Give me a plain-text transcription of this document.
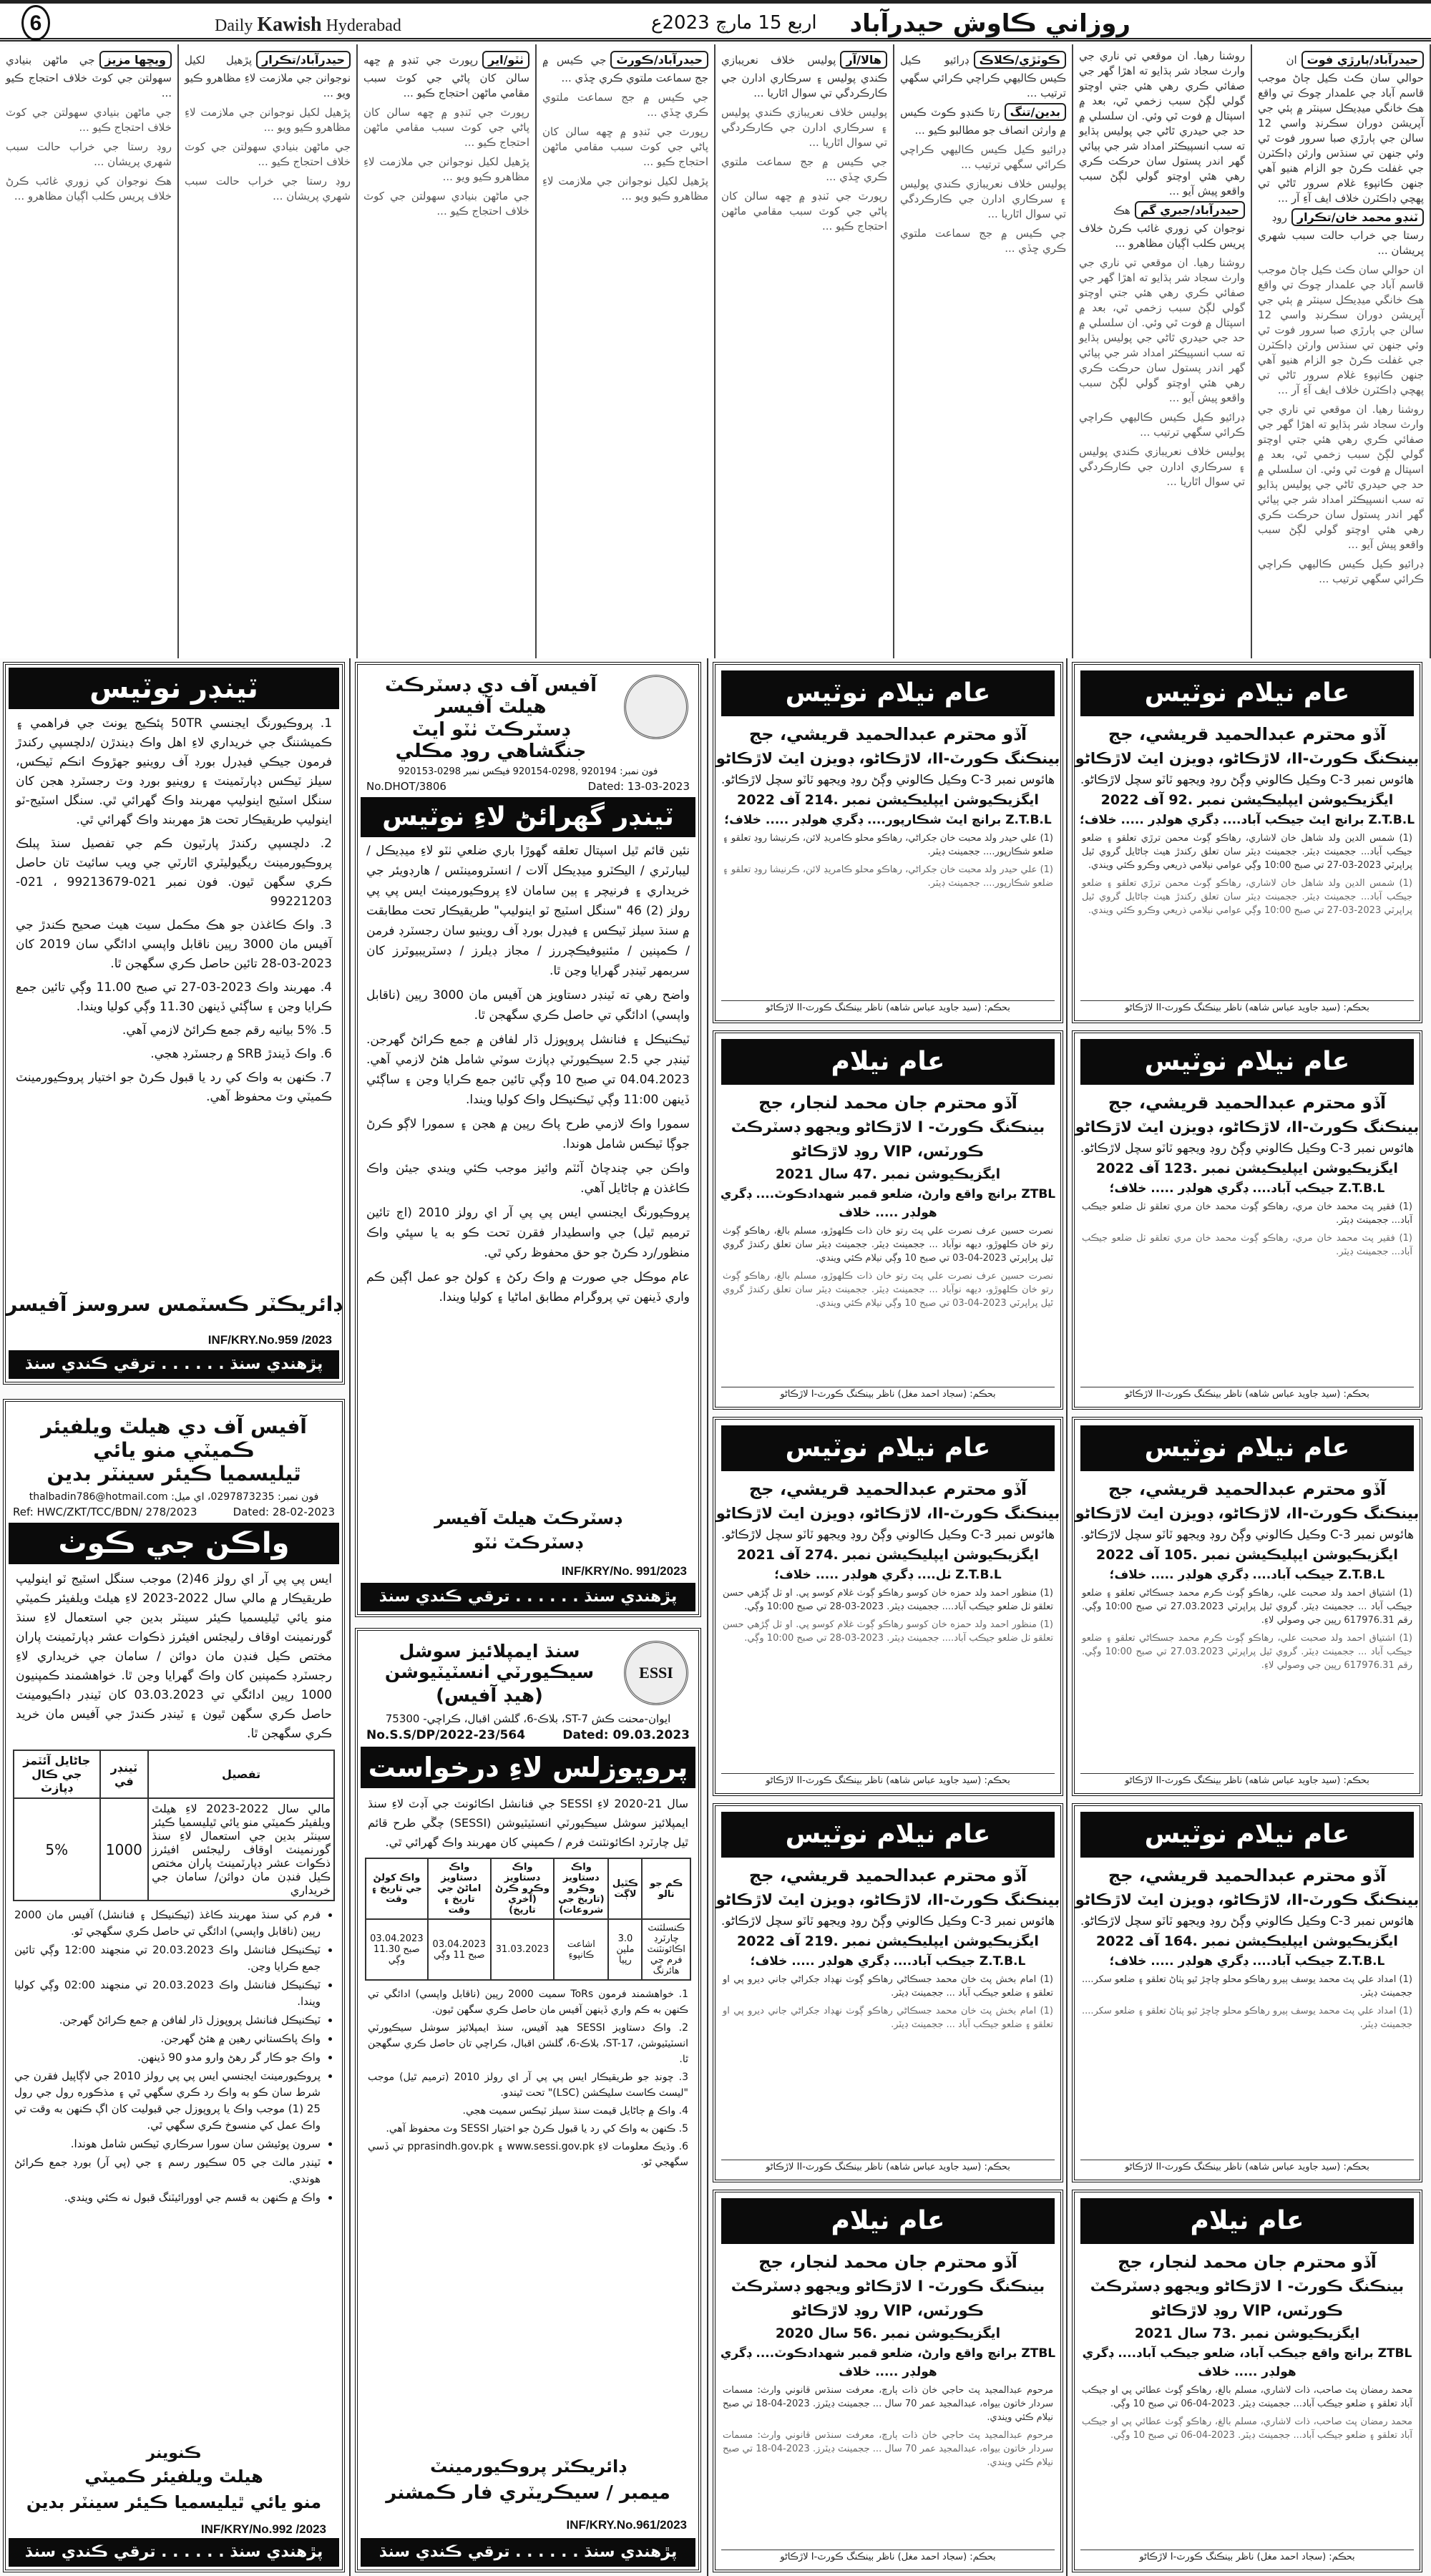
6	Daily Kawish Hyderabad	اربع 15 مارچ 2023ع روزاني ڪاوش حيدرآباد

حيدرآباد/ٻارڙي فوتان حوالي سان ڪٺ ڪيل ڄاڻ موجب قاسم آباد جي علمدار چوڪ تي واقع هڪ خانگي ميڊيڪل سينٽر ۾ ٻئي جي آپريشن دوران سڪرنڊ واسي 12 سالن جي ٻارڙي صبا سرور فوت ٿي وئي جنهن تي سنڌس وارثن ڊاڪٽرن جي غفلت ڪرڻ جو الزام هنيو آهي جنهن ڪانپوءِ غلام سرور ٿاڻي تي پهچي ڊاڪٽرن خلاف ايف آءِ آر ...

ٽنڊو محمد خان/تڪرارروڊ رستا جي خراب حالت سبب شهري پريشان ...

ان حوالي سان ڪٺ ڪيل ڄاڻ موجب قاسم آباد جي علمدار چوڪ تي واقع هڪ خانگي ميڊيڪل سينٽر ۾ ٻئي جي آپريشن دوران سڪرنڊ واسي 12 سالن جي ٻارڙي صبا سرور فوت ٿي وئي جنهن تي سنڌس وارثن ڊاڪٽرن جي غفلت ڪرڻ جو الزام هنيو آهي جنهن ڪانپوءِ غلام سرور ٿاڻي تي پهچي ڊاڪٽرن خلاف ايف آءِ آر ...

روشنا رهيا. ان موقعي تي ناري جي وارث سجاد شر ٻڌايو ته اهڙا گهر جي صفائي ڪري رهي هئي جتي اوچتو گولي لڳڻ سبب زخمي ٿي، بعد ۾ اسپتال ۾ فوت ٿي وئي. ان سلسلي ۾ حد جي حيدري ٿاڻي جي پوليس ٻڌايو ته سب انسپيڪٽر امداد شر جي ٻيائي گهر اندر پستول سان حرڪت ڪري رهي هئي اوچتو گولي لڳڻ سبب واقعو پيش آيو ...

ڊرائيو ڪيل ڪيس ڪاليهي ڪراچي ڪرائي سگهي ترتيب ...

روشنا رهيا. ان موقعي تي ناري جي وارث سجاد شر ٻڌايو ته اهڙا گهر جي صفائي ڪري رهي هئي جتي اوچتو گولي لڳڻ سبب زخمي ٿي، بعد ۾ اسپتال ۾ فوت ٿي وئي. ان سلسلي ۾ حد جي حيدري ٿاڻي جي پوليس ٻڌايو ته سب انسپيڪٽر امداد شر جي ٻيائي گهر اندر پستول سان حرڪت ڪري رهي هئي اوچتو گولي لڳڻ سبب واقعو پيش آيو ...

حيدرآباد/جبري گمهڪ نوجوان کي زوري غائب ڪرڻ خلاف پريس ڪلب اڳيان مظاهرو ...

روشنا رهيا. ان موقعي تي ناري جي وارث سجاد شر ٻڌايو ته اهڙا گهر جي صفائي ڪري رهي هئي جتي اوچتو گولي لڳڻ سبب زخمي ٿي، بعد ۾ اسپتال ۾ فوت ٿي وئي. ان سلسلي ۾ حد جي حيدري ٿاڻي جي پوليس ٻڌايو ته سب انسپيڪٽر امداد شر جي ٻيائي گهر اندر پستول سان حرڪت ڪري رهي هئي اوچتو گولي لڳڻ سبب واقعو پيش آيو ...

ڊرائيو ڪيل ڪيس ڪاليهي ڪراچي ڪرائي سگهي ترتيب ...

پوليس خلاف نعريبازي ڪندي پوليس ۽ سرڪاري ادارن جي ڪارڪردگي تي سوال اٿاريا ...

ڪوٽڙي/ڪلاڪڊرائيو ڪيل ڪيس ڪاليهي ڪراچي ڪرائي سگهي ترتيب ...

بدين/تنگرتا ڪنڊو ڪوٽ ڪيس ۾ وارثن انصاف جو مطالبو ڪيو ...

ڊرائيو ڪيل ڪيس ڪاليهي ڪراچي ڪرائي سگهي ترتيب ...

پوليس خلاف نعريبازي ڪندي پوليس ۽ سرڪاري ادارن جي ڪارڪردگي تي سوال اٿاريا ...

جي ڪيس ۾ جج سماعت ملتوي ڪري ڇڏي ...

هالا/آرپوليس خلاف نعريبازي ڪندي پوليس ۽ سرڪاري ادارن جي ڪارڪردگي تي سوال اٿاريا ...

پوليس خلاف نعريبازي ڪندي پوليس ۽ سرڪاري ادارن جي ڪارڪردگي تي سوال اٿاريا ...

جي ڪيس ۾ جج سماعت ملتوي ڪري ڇڏي ...

رپورٽ جي ٽنڊو ۾ ڇهه سالن کان پاڻي جي کوٽ سبب مقامي ماڻهن احتجاج ڪيو ...

حيدرآباد/ڪورٽجي ڪيس ۾ جج سماعت ملتوي ڪري ڇڏي ...

جي ڪيس ۾ جج سماعت ملتوي ڪري ڇڏي ...

رپورٽ جي ٽنڊو ۾ ڇهه سالن کان پاڻي جي کوٽ سبب مقامي ماڻهن احتجاج ڪيو ...

پڙهيل لکيل نوجوانن جي ملازمت لاءِ مظاهرو ڪيو ويو ...

ٺٽو/ايررپورٽ جي ٽنڊو ۾ ڇهه سالن کان پاڻي جي کوٽ سبب مقامي ماڻهن احتجاج ڪيو ...

رپورٽ جي ٽنڊو ۾ ڇهه سالن کان پاڻي جي کوٽ سبب مقامي ماڻهن احتجاج ڪيو ...

پڙهيل لکيل نوجوانن جي ملازمت لاءِ مظاهرو ڪيو ويو ...

جي ماڻهن بنيادي سهولتن جي کوٽ خلاف احتجاج ڪيو ...

حيدرآباد/تڪرارپڙهيل لکيل نوجوانن جي ملازمت لاءِ مظاهرو ڪيو ويو ...

پڙهيل لکيل نوجوانن جي ملازمت لاءِ مظاهرو ڪيو ويو ...

جي ماڻهن بنيادي سهولتن جي کوٽ خلاف احتجاج ڪيو ...

روڊ رستا جي خراب حالت سبب شهري پريشان ...

ويڇها مزيزجي ماڻهن بنيادي سهولتن جي کوٽ خلاف احتجاج ڪيو ...

جي ماڻهن بنيادي سهولتن جي کوٽ خلاف احتجاج ڪيو ...

روڊ رستا جي خراب حالت سبب شهري پريشان ...

هڪ نوجوان کي زوري غائب ڪرڻ خلاف پريس ڪلب اڳيان مظاهرو ...

ٽينڊر نوٽيس

1. پروڪيورنگ ايجنسي 50TR پئڪيج يونٽ جي فراهمي ۽ ڪميشننگ جي خريداري لاءِ اهل واڪ ڊيندڙن /دلچسپي رکندڙ فرمون جيڪي فيڊرل بورڊ آف روينيو جهڙوڪ انڪم ٽيڪس، سيلز ٽيڪس ڊپارٽمينٽ ۽ روينيو بورڊ وٽ رجسٽرڊ هجن کان سنگل اسٽيج اينوليپ مهربند واڪ گهرائي ٿي. سنگل اسٽيج-ٽو اينوليپ طريقيڪار تحت هڙ مهربند واڪ گهرائي ٿي.

2. دلچسپي رکندڙ پارٽيون ڪم جي تفصيل سنڌ پبلڪ پروڪيورمينٽ ريگيوليٽري اٿارٽي جي ويب سائيٽ تان حاصل ڪري سگهن ٿيون. فون نمبر 021-99213679 ، 021-99221203

3. واڪ ڪاغذن جو هڪ مڪمل سيٽ هيٺ صحيح ڪندڙ جي آفيس مان 3000 رپين ناقابل واپسي ادائگي سان 2019 کان 2023-03-28 تائين حاصل ڪري سگهجن ٿا.

4. مهربند واڪ 2023-03-27 تي صبح 11.00 وڳي تائين جمع ڪرايا وڃن ۽ ساڳئي ڏينهن 11.30 وڳي کوليا ويندا.

5. 5% بيانيه رقم جمع ڪرائڻ لازمي آهي.

6. واڪ ڏيندڙ SRB ۾ رجسٽرڊ هجي.

7. ڪنهن به واڪ کي رد يا قبول ڪرڻ جو اختيار پروڪيورمينٽ ڪميٽي وٽ محفوظ آهي.

ڊائريڪٽر ڪسٽمس سروسز آفيسر
INF/KRY.No.959 /2023
پڙهندي سنڌ . . . . . . ترقي ڪندي سنڌ
آفيس آف دي هيلٿ ويلفيئر ڪميٽي منو يائي
ٿيليسميا ڪيئر سينٽر بدين
فون نمبر: 0297873235، اي ميل: thalbadin786@hotmail.com
Ref: HWC/ZKT/TCC/BDN/ 278/2023	Dated: 28-02-2023
واڪن جي ڪوٺ
ايس پي پي آر اي رولز 46(2) موجب سنگل اسٽيج ٽو اينوليپ طريقيڪار ۾ مالي سال 2022-2023 لاءِ هيلٿ ويلفيئر ڪميٽي منو يائي ٿيليسميا ڪيئر سينٽر بدين جي استعمال لاءِ سنڌ گورنمينٽ اوقاف رليجئس افيئرز ذڪوات عشر ڊپارٽمينٽ پاران مختص ڪيل فنڊن مان دوائن / سامان جي خريداري لاءِ رجسٽرڊ ڪمپنين کان واڪ گهرايا وڃن ٿا. خواهشمند ڪمپنيون 1000 رپين ادائگي تي 03.03.2023 کان ٽينڊر ڊاڪيومينٽ حاصل ڪري سگهن ٿيون ۽ ٽينڊر ڪندڙ جي آفيس مان خريد ڪري سگهجن ٿا.
تفصيل	ٽينڊر في	جاڻايل آئٽمز جي ڪال ڊپازٽ
مالي سال 2022-2023 لاءِ هيلٿ ويلفيئر ڪميٽي منو يائي ٿيليسميا ڪيئر سينٽر بدين جي استعمال لاءِ سنڌ گورنمينٽ اوقاف رليجئس افيئرز ذڪوات عشر ڊپارٽمينٽ پاران مختص ڪيل فنڊن مان دوائن/ سامان جي خريداري	1000	5%
• فرم کي سنڌ مهربند ڪاغذ (ٽيڪنيڪل ۽ فنانشل) آفيس مان 2000 رپين (ناقابل واپسي) ادائگي تي حاصل ڪري سگهجي ٿو.
• ٽيڪنيڪل فنانشل واڪ 20.03.2023 تي منجهند 12:00 وڳي تائين جمع ڪرايا وڃن.
• ٽيڪنيڪل فنانشل واڪ 20.03.2023 تي منجهند 02:00 وڳي کوليا ويندا.
• ٽيڪنيڪل فنانشل پروپوزل ڌار لفافن ۾ جمع ڪرائڻ گهرجن.
• واڪ پاڪستاني رهين ۾ هئڻ گهرجن.
• واڪ جو ڪار گر رهڻ وارو مدو 90 ڏينهن.
• پروڪيورمينٽ ايجنسي ايس پي پي رولز 2010 جي لاڳاپيل فقرن جي شرط سان ڪو به واڪ رد ڪري سگهي ٿي ۽ مذڪوره رول جي رول 25 (1) موجب واڪ يا پروپوزل جي قبوليت کان اڳ ڪنهن به وقت تي واڪ عمل کي منسوخ ڪري سگهي ٿي.
• سرون پوئيشن سان سورا سرڪاري ٽيڪس شامل هوندا.
• ٽينڊر مالٽ جي 05 سڪيور رسم ۽ جي (پي آر) بورڊ جمع ڪرائڻ هوندي.
• واڪ ۾ ڪنهن به قسم جي اوورائيٽنگ قبول نه ڪئي ويندي.
ڪنوينر
هيلٿ ويلفيئر ڪميٽي
منو يائي ٿيليسميا ڪيئر سينٽر بدين
INF/KRY/No.992 /2023
پڙهندي سنڌ . . . . . . ترقي ڪندي سنڌ
آفيس آف دي ڊسٽرڪٽ هيلٿ آفيسر
ڊسٽرڪٽ ٺٽو ايٽ جنگشاهي روڊ مڪلي
فون نمبر: 920194 ,0298-920154 فيڪس نمبر 0298-920153
No.DHOT/3806	Dated: 13-03-2023
ٽينڊر گهرائڻ لاءِ نوٽيس

نئين قائم ٿيل اسپتال تعلقه گهوڙا باري ضلعي ٺٽو لاءِ ميڊيڪل / ليبارٽري / اليڪٽرو ميڊيڪل آلات / انسٽرومينٽس / هارڊويئر جي خريداري ۽ فرنيچر ۽ ٻين سامان لاءِ پروڪيورمينٽ ايس پي پي رولز (2) 46 "سنگل اسٽيج ٽو اينوليپ" طريقيڪار تحت مطابقت ۾ سنڌ سيلز ٽيڪس ۽ فيڊرل بورڊ آف روينيو سان رجسٽرڊ فرمن / ڪمپنين / مئنيوفيڪچررز / مجاز ڊيلرز / ڊسٽريبيوٽرز کان سربمهر ٽينڊر گهرايا وڃن ٿا.

واضح رهي ته ٽينڊر دستاويز هن آفيس مان 3000 رپين (ناقابل واپسي) ادائگي تي حاصل ڪري سگهجن ٿا.

ٽيڪنيڪل ۽ فنانشل پروپوزل ڌار لفافن ۾ جمع ڪرائڻ گهرجن. ٽينڊر جي 2.5 سيڪيورٽي ڊپازٽ سوٽي شامل هئڻ لازمي آهي. 04.04.2023 تي صبح 10 وڳي تائين جمع ڪرايا وڃن ۽ ساڳئي ڏينهن 11:00 وڳي ٽيڪنيڪل واڪ کوليا ويندا.

سمورا واڪ لازمي طرح پاڪ رپين ۾ هجن ۽ سمورا لاڳو ڪرڻ جوڳا ٽيڪس شامل هوندا.

واڪن جي چندچاڻ آئٽم وائيز موجب ڪئي ويندي جيئن واڪ ڪاغذن ۾ ڄاڻايل آهي.

پروڪيورنگ ايجنسي ايس پي پي آر اي رولز 2010 (اڄ تائين ترميم ٿيل) جي واسطيدار فقرن تحت ڪو به يا سڀئي واڪ منظور/رد ڪرڻ جو حق محفوظ رکي ٿي.

عام موڪل جي صورت ۾ واڪ رکڻ ۽ کولڻ جو عمل اڳين ڪم واري ڏينهن تي پروگرام مطابق اماڻيا ۽ کوليا ويندا.

ڊسٽرڪٽ هيلٿ آفيسر
ڊسٽرڪٽ ٺٽو
INF/KRY/No. 991/2023
پڙهندي سنڌ . . . . . . ترقي ڪندي سنڌ
ESSI
سنڌ ايمپلائيز سوشل سيڪيورٽي انسٽيٽيوشن
(هيڊ آفيس)
ايوان-محنت ڪش ST-7، بلاڪ-6، گلشن اقبال، ڪراچي- 75300
No.S.S/DP/2022-23/564	Dated: 09.03.2023
پروپوزلس لاءِ درخواست
سال 21-2020 لاءِ SESSI جي فنانشل اڪائونٽ جي آڊٽ لاءِ سنڌ ايمپلائيز سوشل سيڪيورٽي انسٽيٽيوشن (SESSI) چڱي طرح قائم ٿيل چارٽرڊ اڪائونٽنٽ فرم / ڪمپني کان مهربند واڪ گهرائي ٿي.
ڪم جو نالو	ڪٿيل لاڳت	واڪ دستاويز وڪرو (تاريخ جي شروعات)	واڪ دستاويز وڪرو ڪرڻ (آخري تاريخ)	واڪ دستاويز اماڻڻ جي تاريخ ۽ وقت	واڪ کولڻ جي تاريخ ۽ وقت
ڪنسلٽنٽ چارٽرڊ اڪائونٽنٽ فرم جي هائرنگ	3.0 ملين رپيا	اشاعت ڪانپوءِ	31.03.2023	03.04.2023 صبح 11 وڳي	03.04.2023 صبح 11.30 وڳي

1. خواهشمند فرمون ToRs سميت 2000 رپين (ناقابل واپسي) ادائگي تي ڪنهن به ڪم واري ڏينهن آفيس مان حاصل ڪري سگهن ٿيون.

2. واڪ دستاويز SESSI هيڊ آفيس، سنڌ ايمپلائيز سوشل سيڪيورٽي انسٽيٽيوشن، ST-17، بلاڪ-6، گلشن اقبال، ڪراچي تان حاصل ڪري سگهجن ٿا.

3. چونڊ جو طريقيڪار ايس پي پي آر اي رولز 2010 (ترميم ٿيل) موجب "ليسٽ ڪاسٽ سليڪشن (LSC)" تحت ٿيندو.

4. واڪ ۾ ڄاڻايل قيمت سنڌ سيلز ٽيڪس سميت هجي.

5. ڪنهن به واڪ کي رد يا قبول ڪرڻ جو اختيار SESSI وٽ محفوظ آهي.

6. وڌيڪ معلومات لاءِ www.sessi.gov.pk ۽ pprasindh.gov.pk تي ڏسي سگهجي ٿو.

ڊائريڪٽر پروڪيورمينٽ
ميمبر / سيڪريٽري فار ڪمشنر
INF/KRY.No.961/2023
پڙهندي سنڌ . . . . . . ترقي ڪندي سنڌ
عام نيلام نوٽيس
آڏو محترم عبدالحميد قريشي، جج
بينڪنگ ڪورٽ-II، لاڙڪاڻو، ڊويزن ايٽ لاڙڪاڻو
هائوس نمبر C-3 وڪيل ڪالوني وڳڻ روڊ ويجهو ٽاٽو سچل لاڙڪاڻو.
ايگزيڪيوشن ايپليڪيشن نمبر .92 آف 2022
Z.T.B.L برانچ ايٽ جيڪب آباد.... ڊگري هولڊر ..... خلاف؛
(1) شمس الدين ولد شاهل خان لاشاري، رهاڪو ڳوٺ محمن ترڙي تعلقو ۽ ضلعو جيڪب آباد... ججمينٽ ڊيٽر. ججمينٽ ڊيٽر سان تعلق رکندڙ هيٺ ڄاڻايل گروي ٿيل پراپرٽي 2023-03-27 تي صبح 10:00 وڳي عوامي نيلامي ذريعي وڪرو ڪئي ويندي.
(1) شمس الدين ولد شاهل خان لاشاري، رهاڪو ڳوٺ محمن ترڙي تعلقو ۽ ضلعو جيڪب آباد... ججمينٽ ڊيٽر. ججمينٽ ڊيٽر سان تعلق رکندڙ هيٺ ڄاڻايل گروي ٿيل پراپرٽي 2023-03-27 تي صبح 10:00 وڳي عوامي نيلامي ذريعي وڪرو ڪئي ويندي.
بحڪم: (سيد جاويد عباس شاهه) ناظر بينڪنگ ڪورٽ-II لاڙڪاڻو
عام نيلام نوٽيس
آڏو محترم عبدالحميد قريشي، جج
بينڪنگ ڪورٽ-II، لاڙڪاڻو، ڊويزن ايٽ لاڙڪاڻو
هائوس نمبر C-3 وڪيل ڪالوني وڳڻ روڊ ويجهو ٽاٽو سچل لاڙڪاڻو.
ايگزيڪيوشن ايپليڪيشن نمبر .214 آف 2022
Z.T.B.L برانچ ايٽ شڪارپور.... ڊگري هولڊر ..... خلاف؛
(1) علي حيدر ولد محبت خان جکراڻي، رهاڪو محلو ڪامريڊ لائن، ڪرنيشا روڊ تعلقو ۽ ضلعو شڪارپور.... ججمينٽ ڊيٽر.
(1) علي حيدر ولد محبت خان جکراڻي، رهاڪو محلو ڪامريڊ لائن، ڪرنيشا روڊ تعلقو ۽ ضلعو شڪارپور.... ججمينٽ ڊيٽر.
بحڪم: (سيد جاويد عباس شاهه) ناظر بينڪنگ ڪورٽ-II لاڙڪاڻو
عام نيلام نوٽيس
آڏو محترم عبدالحميد قريشي، جج
بينڪنگ ڪورٽ-II، لاڙڪاڻو، ڊويزن ايٽ لاڙڪاڻو
هائوس نمبر C-3 وڪيل ڪالوني وڳڻ روڊ ويجهو ٽاٽو سچل لاڙڪاڻو.
ايگزيڪيوشن ايپليڪيشن نمبر .123 آف 2022
Z.T.B.L جيڪب آباد.... ڊگري هولڊر ..... خلاف؛
(1) فقير پٽ محمد خان مري، رهاڪو ڳوٺ محمد خان مري تعلقو ٺل ضلعو جيڪب آباد... ججمينٽ ڊيٽر.
(1) فقير پٽ محمد خان مري، رهاڪو ڳوٺ محمد خان مري تعلقو ٺل ضلعو جيڪب آباد... ججمينٽ ڊيٽر.
بحڪم: (سيد جاويد عباس شاهه) ناظر بينڪنگ ڪورٽ-II لاڙڪاڻو
عام نيلام
آڏو محترم جان محمد لنجار، جج
بينڪنگ ڪورٽ- I لاڙڪاڻو ويجهو ڊسٽرڪٽ ڪورٽس، VIP روڊ لاڙڪاڻو
ايگزيڪيوشن نمبر .47 سال 2021
ZTBL برانچ واقع وارڻ، ضلعو قمبر شهدادڪوٽ.... ڊگري هولڊر ..... خلاف
نصرت حسين عرف نصرت علي پٽ رتو خان ذات ڪلهوڙو، مسلم بالغ، رهاڪو ڳوٺ رتو خان ڪلهوڙو، ديهه نوآباد ... ججمينٽ ڊيٽر. ججمينٽ ڊيٽر سان تعلق رکندڙ گروي ٿيل پراپرٽي 2023-04-03 تي صبح 10 وڳي نيلام ڪئي ويندي.
نصرت حسين عرف نصرت علي پٽ رتو خان ذات ڪلهوڙو، مسلم بالغ، رهاڪو ڳوٺ رتو خان ڪلهوڙو، ديهه نوآباد ... ججمينٽ ڊيٽر. ججمينٽ ڊيٽر سان تعلق رکندڙ گروي ٿيل پراپرٽي 2023-04-03 تي صبح 10 وڳي نيلام ڪئي ويندي.
بحڪم: (سجاد احمد مغل) ناظر بينڪنگ ڪورٽ-I لاڙڪاڻو
عام نيلام نوٽيس
آڏو محترم عبدالحميد قريشي، جج
بينڪنگ ڪورٽ-II، لاڙڪاڻو، ڊويزن ايٽ لاڙڪاڻو
هائوس نمبر C-3 وڪيل ڪالوني وڳڻ روڊ ويجهو ٽاٽو سچل لاڙڪاڻو.
ايگزيڪيوشن ايپليڪيشن نمبر .105 آف 2022
Z.T.B.L جيڪب آباد.... ڊگري هولڊر ..... خلاف؛
(1) اشتياق احمد ولد صحبت علي، رهاڪو ڳوٺ ڪرم محمد جسڪاڻي تعلقو ۽ ضلعو جيڪب آباد ... ججمينٽ ڊيٽر. گروي ٿيل پراپرٽي 27.03.2023 تي صبح 10:00 وڳي. رقم 617976.31 رپين جي وصولي لاءِ.
(1) اشتياق احمد ولد صحبت علي، رهاڪو ڳوٺ ڪرم محمد جسڪاڻي تعلقو ۽ ضلعو جيڪب آباد ... ججمينٽ ڊيٽر. گروي ٿيل پراپرٽي 27.03.2023 تي صبح 10:00 وڳي. رقم 617976.31 رپين جي وصولي لاءِ.
بحڪم: (سيد جاويد عباس شاهه) ناظر بينڪنگ ڪورٽ-II لاڙڪاڻو
عام نيلام نوٽيس
آڏو محترم عبدالحميد قريشي، جج
بينڪنگ ڪورٽ-II، لاڙڪاڻو، ڊويزن ايٽ لاڙڪاڻو
هائوس نمبر C-3 وڪيل ڪالوني وڳڻ روڊ ويجهو ٽاٽو سچل لاڙڪاڻو.
ايگزيڪيوشن ايپليڪيشن نمبر .274 آف 2021
Z.T.B.L ٺل.... ڊگري هولڊر ..... خلاف؛
(1) منظور احمد ولد حمزه خان کوسو رهاڪو ڳوٺ غلام کوسو پي. او ٺل ڳڙهي حسن تعلقو ٺل ضلعو جيڪب آباد.... ججمينٽ ڊيٽر. 2023-03-28 تي صبح 10:00 وڳي.
(1) منظور احمد ولد حمزه خان کوسو رهاڪو ڳوٺ غلام کوسو پي. او ٺل ڳڙهي حسن تعلقو ٺل ضلعو جيڪب آباد.... ججمينٽ ڊيٽر. 2023-03-28 تي صبح 10:00 وڳي.
بحڪم: (سيد جاويد عباس شاهه) ناظر بينڪنگ ڪورٽ-II لاڙڪاڻو
عام نيلام نوٽيس
آڏو محترم عبدالحميد قريشي، جج
بينڪنگ ڪورٽ-II، لاڙڪاڻو، ڊويزن ايٽ لاڙڪاڻو
هائوس نمبر C-3 وڪيل ڪالوني وڳڻ روڊ ويجهو ٽاٽو سچل لاڙڪاڻو.
ايگزيڪيوشن ايپليڪيشن نمبر .164 آف 2022
Z.T.B.L جيڪب آباد.... ڊگري هولڊر ..... خلاف؛
(1) امداد علي پٽ محمد يوسف ٻيرو رهاڪو محلو چاچڙ ٿيو پٺاڻ تعلقو ۽ ضلعو سکر.... ججمينٽ ڊيٽر.
(1) امداد علي پٽ محمد يوسف ٻيرو رهاڪو محلو چاچڙ ٿيو پٺاڻ تعلقو ۽ ضلعو سکر.... ججمينٽ ڊيٽر.
بحڪم: (سيد جاويد عباس شاهه) ناظر بينڪنگ ڪورٽ-II لاڙڪاڻو
عام نيلام نوٽيس
آڏو محترم عبدالحميد قريشي، جج
بينڪنگ ڪورٽ-II، لاڙڪاڻو، ڊويزن ايٽ لاڙڪاڻو
هائوس نمبر C-3 وڪيل ڪالوني وڳڻ روڊ ويجهو ٽاٽو سچل لاڙڪاڻو.
ايگزيڪيوشن ايپليڪيشن نمبر .219 آف 2022
Z.T.B.L جيڪب آباد.... ڊگري هولڊر ..... خلاف؛
(1) امام بخش پٽ خان محمد جسڪاڻي رهاڪو ڳوٺ نهڊاد جکراڻي جاني ديرو پي او تعلقو ۽ ضلعو جيڪب آباد ... ججمينٽ ڊيٽر.
(1) امام بخش پٽ خان محمد جسڪاڻي رهاڪو ڳوٺ نهڊاد جکراڻي جاني ديرو پي او تعلقو ۽ ضلعو جيڪب آباد ... ججمينٽ ڊيٽر.
بحڪم: (سيد جاويد عباس شاهه) ناظر بينڪنگ ڪورٽ-II لاڙڪاڻو
عام نيلام
آڏو محترم جان محمد لنجار، جج
بينڪنگ ڪورٽ- I لاڙڪاڻو ويجهو ڊسٽرڪٽ ڪورٽس، VIP روڊ لاڙڪاڻو
ايگزيڪيوشن نمبر .73 سال 2021
ZTBL برانچ واقع جيڪب آباد، ضلعو جيڪب آباد.... ڊگري هولڊر ..... خلاف
محمد رمضان پٽ صاحب، ذات لاشاري، مسلم بالغ، رهاڪو ڳوٺ عطائي پي او جيڪب آباد تعلقو ۽ ضلعو جيڪب آباد... ججمينٽ ڊيٽر. 2023-04-06 تي صبح 10 وڳي.
محمد رمضان پٽ صاحب، ذات لاشاري، مسلم بالغ، رهاڪو ڳوٺ عطائي پي او جيڪب آباد تعلقو ۽ ضلعو جيڪب آباد... ججمينٽ ڊيٽر. 2023-04-06 تي صبح 10 وڳي.
بحڪم: (سجاد احمد مغل) ناظر بينڪنگ ڪورٽ-I لاڙڪاڻو
عام نيلام
آڏو محترم جان محمد لنجار، جج
بينڪنگ ڪورٽ- I لاڙڪاڻو ويجهو ڊسٽرڪٽ ڪورٽس، VIP روڊ لاڙڪاڻو
ايگزيڪيوشن نمبر .56 سال 2020
ZTBL برانچ واقع وارڻ، ضلعو قمبر شهدادڪوٽ.... ڊگري هولڊر ..... خلاف
مرحوم عبدالمجيد پٽ حاجي خان ذات ٻارڇ، معرفت سنڌس قانوني وارث: مسمات سردار خاتون بيواه، عبدالمجيد عمر 70 سال ... ججمينٽ ڊيٽرز. 2023-04-18 تي صبح نيلام ڪئي ويندي.
مرحوم عبدالمجيد پٽ حاجي خان ذات ٻارڇ، معرفت سنڌس قانوني وارث: مسمات سردار خاتون بيواه، عبدالمجيد عمر 70 سال ... ججمينٽ ڊيٽرز. 2023-04-18 تي صبح نيلام ڪئي ويندي.
بحڪم: (سجاد احمد مغل) ناظر بينڪنگ ڪورٽ-I لاڙڪاڻو
